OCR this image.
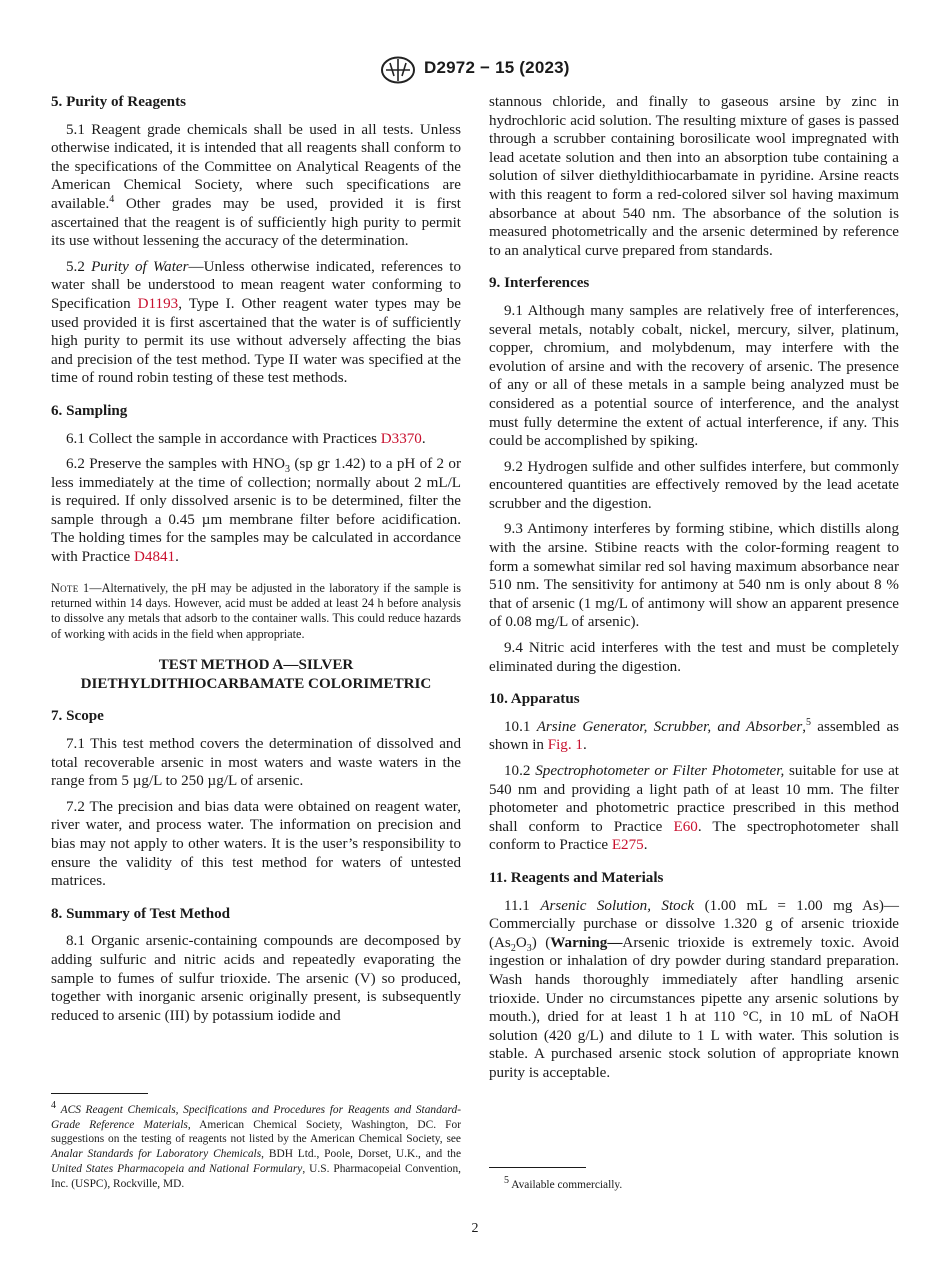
D2972 − 15 (2023)
5. Purity of Reagents

5.1 Reagent grade chemicals shall be used in all tests. Unless otherwise indicated, it is intended that all reagents shall conform to the specifications of the Committee on Analytical Reagents of the American Chemical Society, where such specifications are available.$^4$ Other grades may be used, provided it is first ascertained that the reagent is of sufficiently high purity to permit its use without lessening the accuracy of the determination.

5.2 Purity of Water—Unless otherwise indicated, references to water shall be understood to mean reagent water conforming to Specification D1193, Type I. Other reagent water types may be used provided it is first ascertained that the water is of sufficiently high purity to permit its use without adversely affecting the bias and precision of the test method. Type II water was specified at the time of round robin testing of these test methods.

6. Sampling

6.1 Collect the sample in accordance with Practices D3370.

6.2 Preserve the samples with $HNO_3$ (sp gr 1.42) to a pH of 2 or less immediately at the time of collection; normally about 2 mL/L is required. If only dissolved arsenic is to be determined, filter the sample through a 0.45 µm membrane filter before acidification. The holding times for the samples may be calculated in accordance with Practice D4841.

Note 1—Alternatively, the pH may be adjusted in the laboratory if the sample is returned within 14 days. However, acid must be added at least 24 h before analysis to dissolve any metals that adsorb to the container walls. This could reduce hazards of working with acids in the field when appropriate.
TEST METHOD A—SILVER
DIETHYLDITHIOCARBAMATE COLORIMETRIC
7. Scope

7.1 This test method covers the determination of dissolved and total recoverable arsenic in most waters and waste waters in the range from 5 µg/L to 250 µg/L of arsenic.

7.2 The precision and bias data were obtained on reagent water, river water, and process water. The information on precision and bias may not apply to other waters. It is the user’s responsibility to ensure the validity of this test method for waters of untested matrices.

8. Summary of Test Method

8.1 Organic arsenic-containing compounds are decomposed by adding sulfuric and nitric acids and repeatedly evaporating the sample to fumes of sulfur trioxide. The arsenic (V) so produced, together with inorganic arsenic originally present, is subsequently reduced to arsenic (III) by potassium iodide and

$^4$ ACS Reagent Chemicals, Specifications and Procedures for Reagents and Standard-Grade Reference Materials, American Chemical Society, Washington, DC. For suggestions on the testing of reagents not listed by the American Chemical Society, see Analar Standards for Laboratory Chemicals, BDH Ltd., Poole, Dorset, U.K., and the United States Pharmacopeia and National Formulary, U.S. Pharmacopeial Convention, Inc. (USPC), Rockville, MD.

stannous chloride, and finally to gaseous arsine by zinc in hydrochloric acid solution. The resulting mixture of gases is passed through a scrubber containing borosilicate wool impregnated with lead acetate solution and then into an absorption tube containing a solution of silver diethyldithiocarbamate in pyridine. Arsine reacts with this reagent to form a red-colored silver sol having maximum absorbance at about 540 nm. The absorbance of the solution is measured photometrically and the arsenic determined by reference to an analytical curve prepared from standards.

9. Interferences

9.1 Although many samples are relatively free of interferences, several metals, notably cobalt, nickel, mercury, silver, platinum, copper, chromium, and molybdenum, may interfere with the evolution of arsine and with the recovery of arsenic. The presence of any or all of these metals in a sample being analyzed must be considered as a potential source of interference, and the analyst must fully determine the extent of actual interference, if any. This could be accomplished by spiking.

9.2 Hydrogen sulfide and other sulfides interfere, but commonly encountered quantities are effectively removed by the lead acetate scrubber and the digestion.

9.3 Antimony interferes by forming stibine, which distills along with the arsine. Stibine reacts with the color-forming reagent to form a somewhat similar red sol having maximum absorbance near 510 nm. The sensitivity for antimony at 540 nm is only about 8 % that of arsenic (1 mg/L of antimony will show an apparent presence of 0.08 mg/L of arsenic).

9.4 Nitric acid interferes with the test and must be completely eliminated during the digestion.

10. Apparatus

10.1 Arsine Generator, Scrubber, and Absorber,$^5$ assembled as shown in Fig. 1.

10.2 Spectrophotometer or Filter Photometer, suitable for use at 540 nm and providing a light path of at least 10 mm. The filter photometer and photometric practice prescribed in this method shall conform to Practice E60. The spectrophotometer shall conform to Practice E275.

11. Reagents and Materials

11.1 Arsenic Solution, Stock (1.00 mL = 1.00 mg As)—Commercially purchase or dissolve 1.320 g of arsenic trioxide $(As_2O_3)$ (Warning—Arsenic trioxide is extremely toxic. Avoid ingestion or inhalation of dry powder during standard preparation. Wash hands thoroughly immediately after handling arsenic trioxide. Under no circumstances pipette any arsenic solutions by mouth.), dried for at least 1 h at 110 °C, in 10 mL of NaOH solution (420 g/L) and dilute to 1 L with water. This solution is stable. A purchased arsenic stock solution of appropriate known purity is acceptable.

$^5$ Available commercially.
2
